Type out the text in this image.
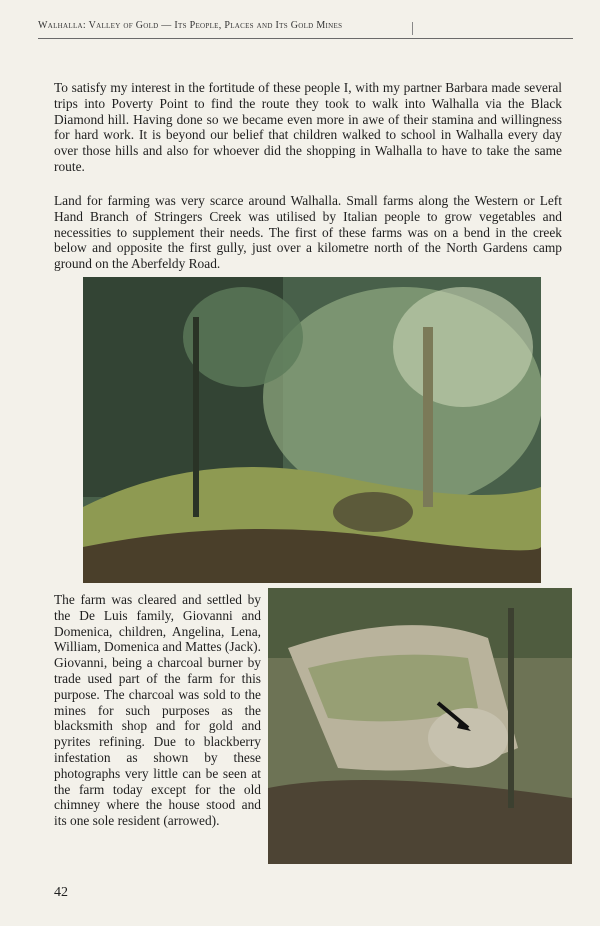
Walhalla: Valley of Gold — Its People, Places and Its Gold Mines
To satisfy my interest in the fortitude of these people I, with my partner Barbara made several trips into Poverty Point to find the route they took to walk into Walhalla via the Black Diamond hill. Having done so we became even more in awe of their stamina and willingness for hard work. It is beyond our belief that children walked to school in Walhalla every day over those hills and also for whoever did the shopping in Walhalla to have to take the same route.
Land for farming was very scarce around Walhalla. Small farms along the Western or Left Hand Branch of Stringers Creek was utilised by Italian people to grow vegetables and necessities to supplement their needs. The first of these farms was on a bend in the creek below and opposite the first gully, just over a kilometre north of the North Gardens camp ground on the Aberfeldy Road.
The farm was cleared and settled by the De Luis family, Giovanni and Domenica, children, Angelina, Lena, William, Domenica and Mattes (Jack). Giovanni, being a charcoal burner by trade used part of the farm for this purpose. The charcoal was sold to the mines for such purposes as the blacksmith shop and for gold and pyrites refining. Due to blackberry infestation as shown by these photographs very little can be seen at the farm today except for the old chimney where the house stood and its one sole resident (arrowed).
42
